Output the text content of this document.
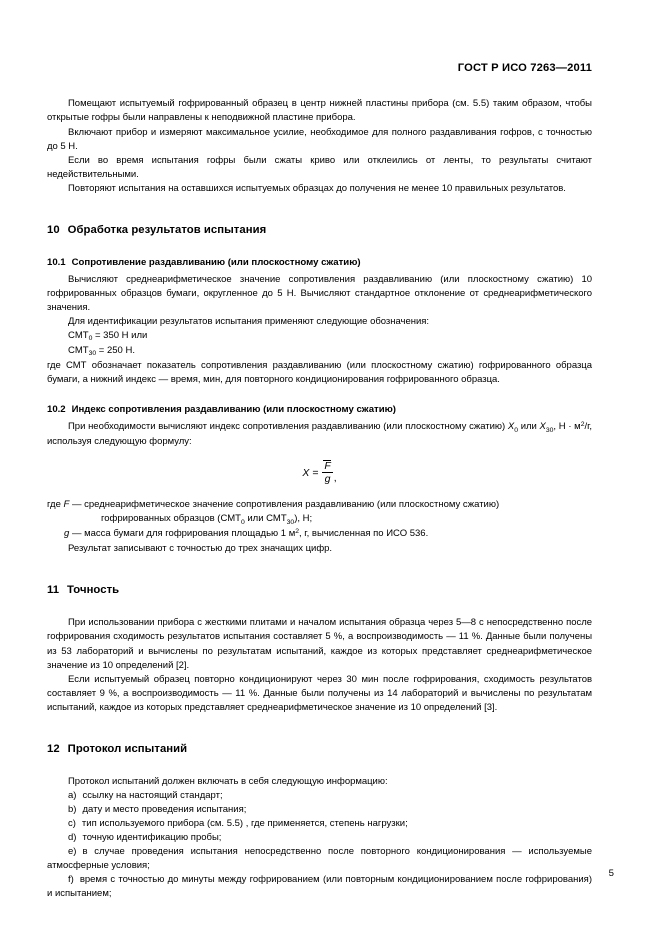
ГОСТ Р ИСО 7263—2011

Помещают испытуемый гофрированный образец в центр нижней пластины прибора (см. 5.5) таким образом, чтобы открытые гофры были направлены к неподвижной пластине прибора.

Включают прибор и измеряют максимальное усилие, необходимое для полного раздавливания гофров, с точностью до 5 Н.

Если во время испытания гофры были сжаты криво или отклеились от ленты, то результаты считают недействительными.

Повторяют испытания на оставшихся испытуемых образцах до получения не менее 10 правильных результатов.

10 Обработка результатов испытания
10.1 Сопротивление раздавливанию (или плоскостному сжатию)

Вычисляют среднеарифметическое значение сопротивления раздавливанию (или плоскостному сжатию) 10 гофрированных образцов бумаги, округленное до 5 Н. Вычисляют стандартное отклонение от среднеарифметического значения.

Для идентификации результатов испытания применяют следующие обозначения:

$CMT_0 = 350$ Н или

$CMT_{30} = 250$ Н.

где СМТ обозначает показатель сопротивления раздавливанию (или плоскостному сжатию) гофрированного образца бумаги, а нижний индекс — время, мин, для повторного кондиционирования гофрированного образца.

10.2 Индекс сопротивления раздавливанию (или плоскостному сжатию)

При необходимости вычисляют индекс сопротивления раздавливанию (или плоскостному сжатию) $X_0$ или $X_{30}$, $Н \cdot м^2/г$, используя следующую формулу:

$X = \frac{F}{g}$ ,
где F — среднеарифметическое значение сопротивления раздавливанию (или плоскостному сжатию)
гофрированных образцов ($СМТ_0$ или $СМТ_{30}$), Н;
g — масса бумаги для гофрирования площадью 1 $м^2$, г, вычисленная по ИСО 536.

Результат записывают с точностью до трех значащих цифр.

11 Точность

При использовании прибора с жесткими плитами и началом испытания образца через 5—8 с непосредственно после гофрирования сходимость результатов испытания составляет 5 %, а воспроизводимость — 11 %. Данные были получены из 53 лабораторий и вычислены по результатам испытаний, каждое из которых представляет среднеарифметическое значение из 10 определений [2].

Если испытуемый образец повторно кондиционируют через 30 мин после гофрирования, сходимость результатов составляет 9 %, а воспроизводимость — 11 %. Данные были получены из 14 лабораторий и вычислены по результатам испытаний, каждое из которых представляет среднеарифметическое значение из 10 определений [3].

12 Протокол испытаний

Протокол испытаний должен включать в себя следующую информацию:

a) ссылку на настоящий стандарт;

b) дату и место проведения испытания;

c) тип используемого прибора (см. 5.5) , где применяется, степень нагрузки;

d) точную идентификацию пробы;

e) в случае проведения испытания непосредственно после повторного кондиционирования — используемые атмосферные условия;

f) время с точностью до минуты между гофрированием (или повторным кондиционированием после гофрирования) и испытанием;

5
